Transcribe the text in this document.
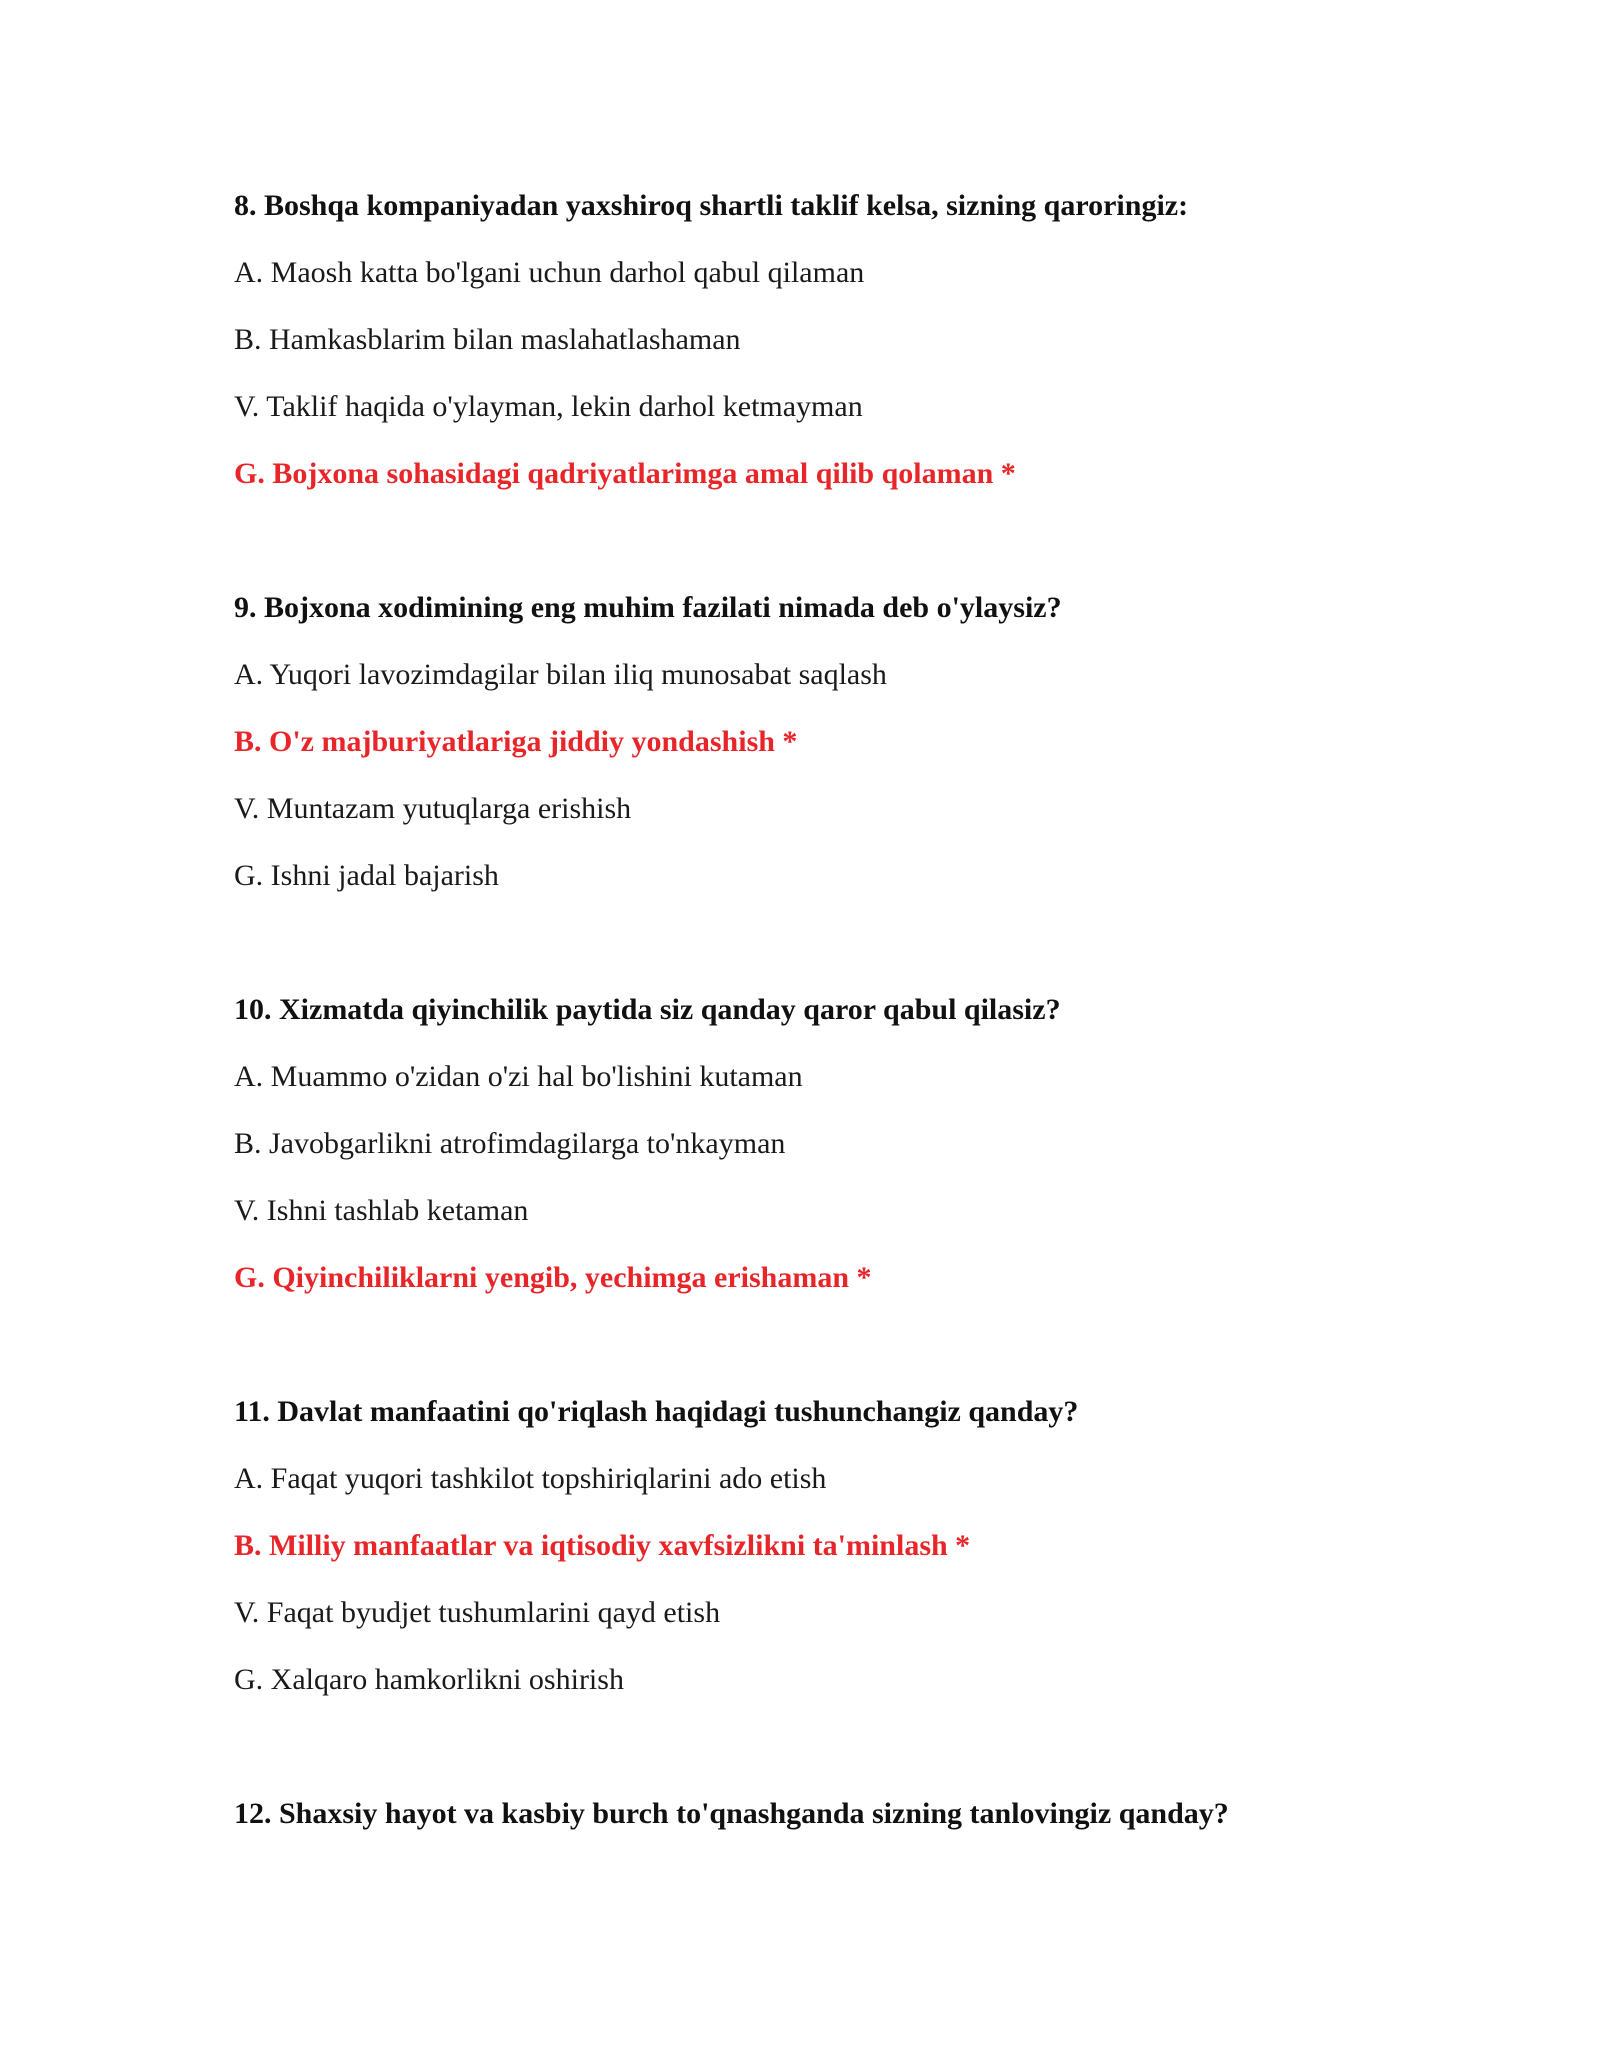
8. Boshqa kompaniyadan yaxshiroq shartli taklif kelsa, sizning qaroringiz:
A. Maosh katta bo'lgani uchun darhol qabul qilaman
B. Hamkasblarim bilan maslahatlashaman
V. Taklif haqida o'ylayman, lekin darhol ketmayman
G. Bojxona sohasidagi qadriyatlarimga amal qilib qolaman *
9. Bojxona xodimining eng muhim fazilati nimada deb o'ylaysiz?
A. Yuqori lavozimdagilar bilan iliq munosabat saqlash
B. O'z majburiyatlariga jiddiy yondashish *
V. Muntazam yutuqlarga erishish
G. Ishni jadal bajarish
10. Xizmatda qiyinchilik paytida siz qanday qaror qabul qilasiz?
A. Muammo o'zidan o'zi hal bo'lishini kutaman
B. Javobgarlikni atrofimdagilarga to'nkayman
V. Ishni tashlab ketaman
G. Qiyinchiliklarni yengib, yechimga erishaman *
11. Davlat manfaatini qo'riqlash haqidagi tushunchangiz qanday?
A. Faqat yuqori tashkilot topshiriqlarini ado etish
B. Milliy manfaatlar va iqtisodiy xavfsizlikni ta'minlash *
V. Faqat byudjet tushumlarini qayd etish
G. Xalqaro hamkorlikni oshirish
12. Shaxsiy hayot va kasbiy burch to'qnashganda sizning tanlovingiz qanday?
